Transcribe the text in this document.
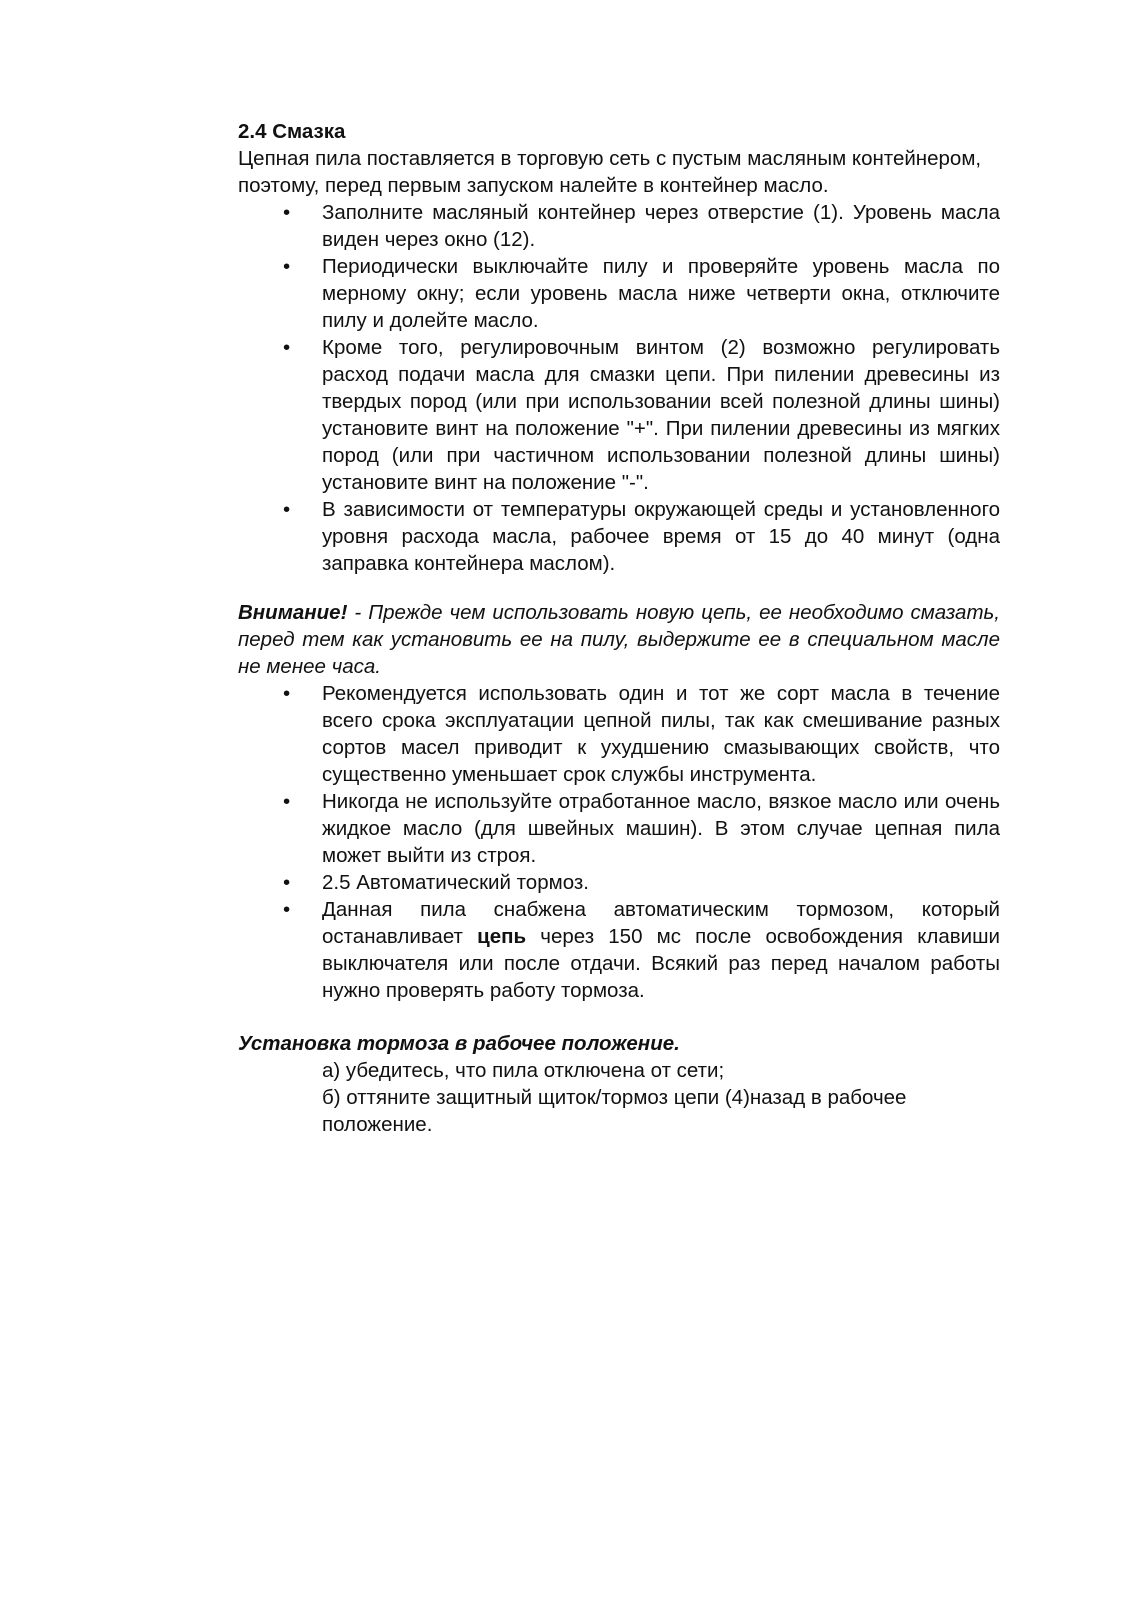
2.4 Смазка

Цепная пила поставляется в торговую сеть с пустым масляным контейнером, поэтому, перед первым запуском налейте в контейнер масло.

•	Заполните масляный контейнер через отверстие (1). Уровень масла виден через окно (12).
•	Периодически выключайте пилу и проверяйте уровень масла по мерному окну; если уровень масла ниже четверти окна, отключите пилу и долейте масло.
•	Кроме того, регулировочным винтом (2) возможно регулировать расход подачи масла для смазки цепи. При пилении древесины из твердых пород (или при использовании всей полезной длины шины) установите винт на положение "+". При пилении древесины из мягких пород (или при частичном использовании полезной длины шины) установите винт на положение "-".
•	В зависимости от температуры окружающей среды и установленного уровня расхода масла, рабочее время от 15 до 40 минут (одна заправка контейнера маслом).

Внимание! - Прежде чем использовать новую цепь, ее необходимо смазать, перед тем как установить ее на пилу, выдержите ее в специальном масле не менее часа.

•	Рекомендуется использовать один и тот же сорт масла в течение всего срока эксплуатации цепной пилы, так как смешивание разных сортов масел приводит к ухудшению смазывающих свойств, что существенно уменьшает срок службы инструмента.
•	Никогда не используйте отработанное масло, вязкое масло или очень жидкое масло (для швейных машин). В этом случае цепная пила может выйти из строя.
•	2.5 Автоматический тормоз.
•	Данная пила снабжена автоматическим тормозом, который останавливает цепь через 150 мс после освобождения клавиши выключателя или после отдачи. Всякий раз перед началом работы нужно проверять работу тормоза.

Установка тормоза в рабочее положение.

а) убедитесь, что пила отключена от сети;

б) оттяните защитный щиток/тормоз цепи (4)назад в рабочее положение.
